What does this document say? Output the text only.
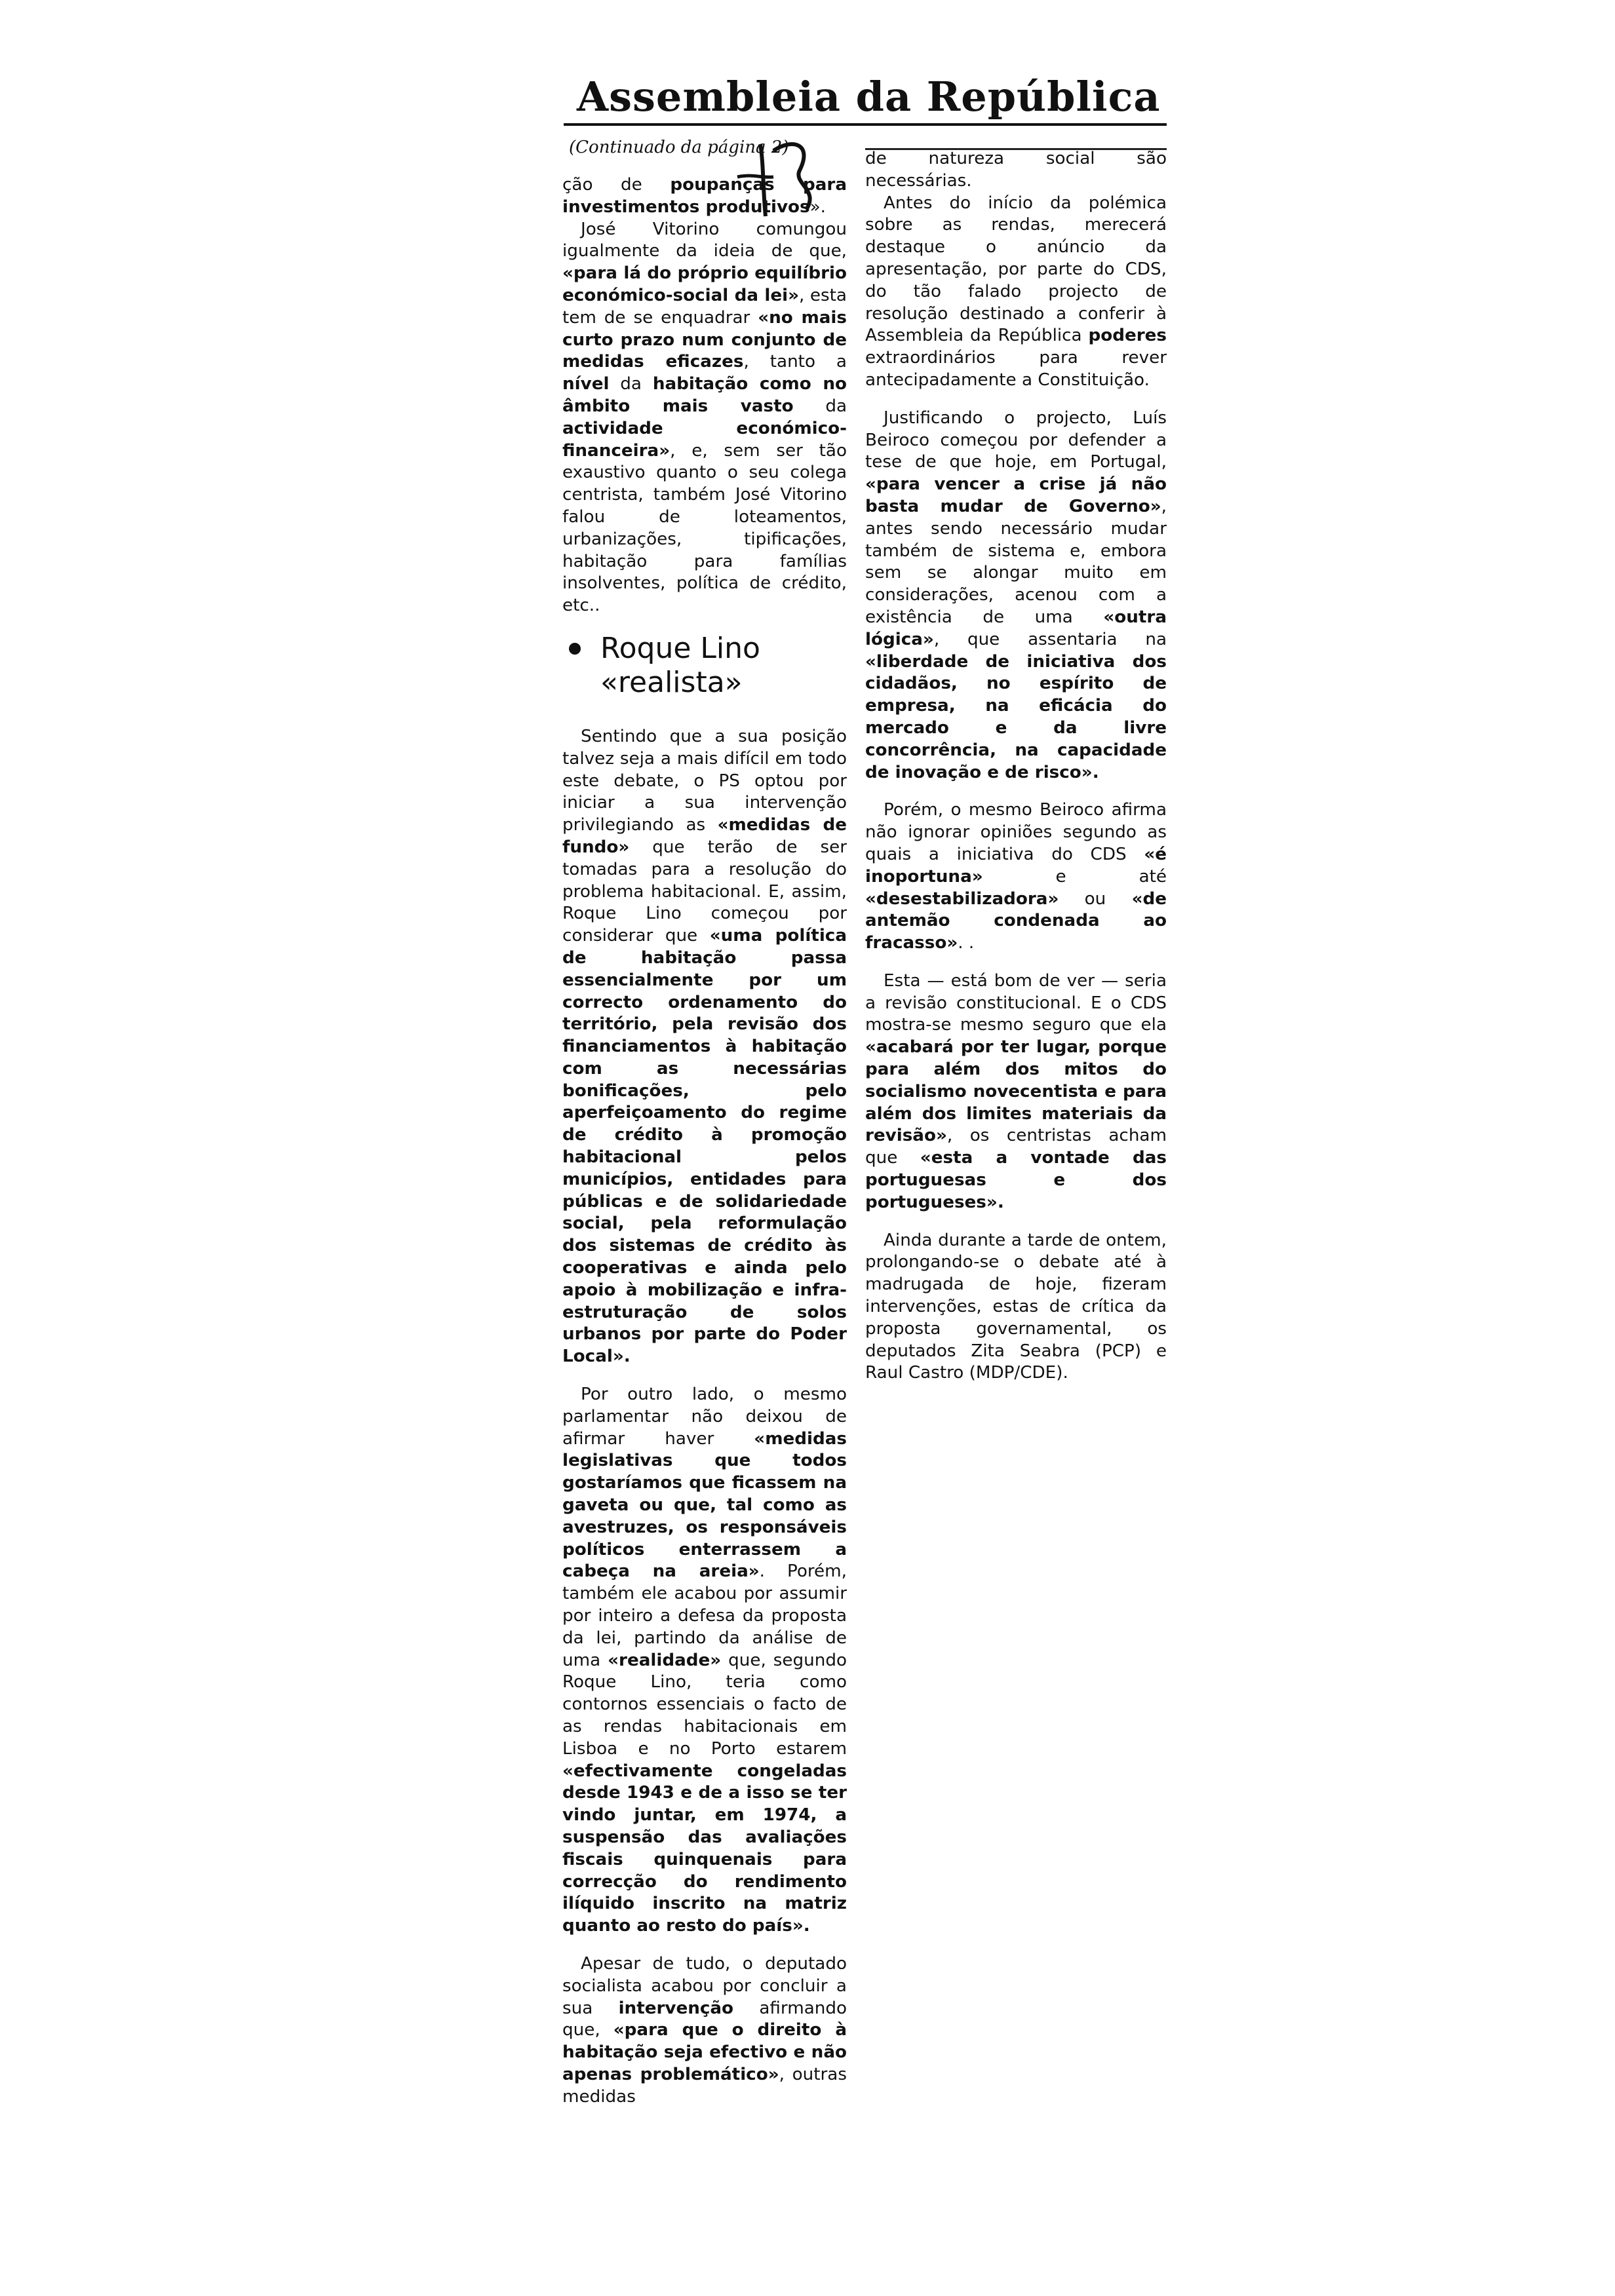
Assembleia da República
(Continuado da página 2)

ção de poupanças para investimentos produtivos».

José Vitorino comungou igualmente da ideia de que, «para lá do próprio equilíbrio económico-social da lei», esta tem de se enquadrar «no mais curto prazo num conjunto de medidas eficazes, tanto a nível da habitação como no âmbito mais vasto da actividade económico-financeira», e, sem ser tão exaustivo quanto o seu colega centrista, também José Vitorino falou de loteamentos, urbanizações, tipificações, habitação para famílias insolventes, política de crédito, etc..

Roque Lino
«realista»

Sentindo que a sua posição talvez seja a mais difícil em todo este debate, o PS optou por iniciar a sua intervenção privilegiando as «medidas de fundo» que terão de ser tomadas para a resolução do problema habitacional. E, assim, Roque Lino começou por considerar que «uma política de habitação passa essencialmente por um correcto ordenamento do território, pela revisão dos financiamentos à habitação com as necessárias bonificações, pelo aperfeiçoamento do regime de crédito à promoção habitacional pelos municípios, entidades para públicas e de solidariedade social, pela reformulação dos sistemas de crédito às cooperativas e ainda pelo apoio à mobilização e infra-estruturação de solos urbanos por parte do Poder Local».

Por outro lado, o mesmo parlamentar não deixou de afirmar haver «medidas legislativas que todos gostaríamos que ficassem na gaveta ou que, tal como as avestruzes, os responsáveis políticos enterrassem a cabeça na areia». Porém, também ele acabou por assumir por inteiro a defesa da proposta da lei, partindo da análise de uma «realidade» que, segundo Roque Lino, teria como contornos essenciais o facto de as rendas habitacionais em Lisboa e no Porto estarem «efectivamente congeladas desde 1943 e de a isso se ter vindo juntar, em 1974, a suspensão das avaliações fiscais quinquenais para correcção do rendimento ilíquido inscrito na matriz quanto ao resto do país».

Apesar de tudo, o deputado socialista acabou por concluir a sua intervenção afirmando que, «para que o direito à habitação seja efectivo e não apenas problemático», outras medidas

de natureza social são necessárias.

Antes do início da polémica sobre as rendas, merecerá destaque o anúncio da apresentação, por parte do CDS, do tão falado projecto de resolução destinado a conferir à Assembleia da República poderes extraordinários para rever antecipadamente a Constituição.

Justificando o projecto, Luís Beiroco começou por defender a tese de que hoje, em Portugal, «para vencer a crise já não basta mudar de Governo», antes sendo necessário mudar também de sistema e, embora sem se alongar muito em considerações, acenou com a existência de uma «outra lógica», que assentaria na «liberdade de iniciativa dos cidadãos, no espírito de empresa, na eficácia do mercado e da livre concorrência, na capacidade de inovação e de risco».

Porém, o mesmo Beiroco afirma não ignorar opiniões segundo as quais a iniciativa do CDS «é inoportuna» e até «desestabilizadora» ou «de antemão condenada ao fracasso». .

Esta — está bom de ver — seria a revisão constitucional. E o CDS mostra-se mesmo seguro que ela «acabará por ter lugar, porque para além dos mitos do socialismo novecentista e para além dos limites materiais da revisão», os centristas acham que «esta a vontade das portuguesas e dos portugueses».

Ainda durante a tarde de ontem, prolongando-se o debate até à madrugada de hoje, fizeram intervenções, estas de crítica da proposta governamental, os deputados Zita Seabra (PCP) e Raul Castro (MDP/CDE).
